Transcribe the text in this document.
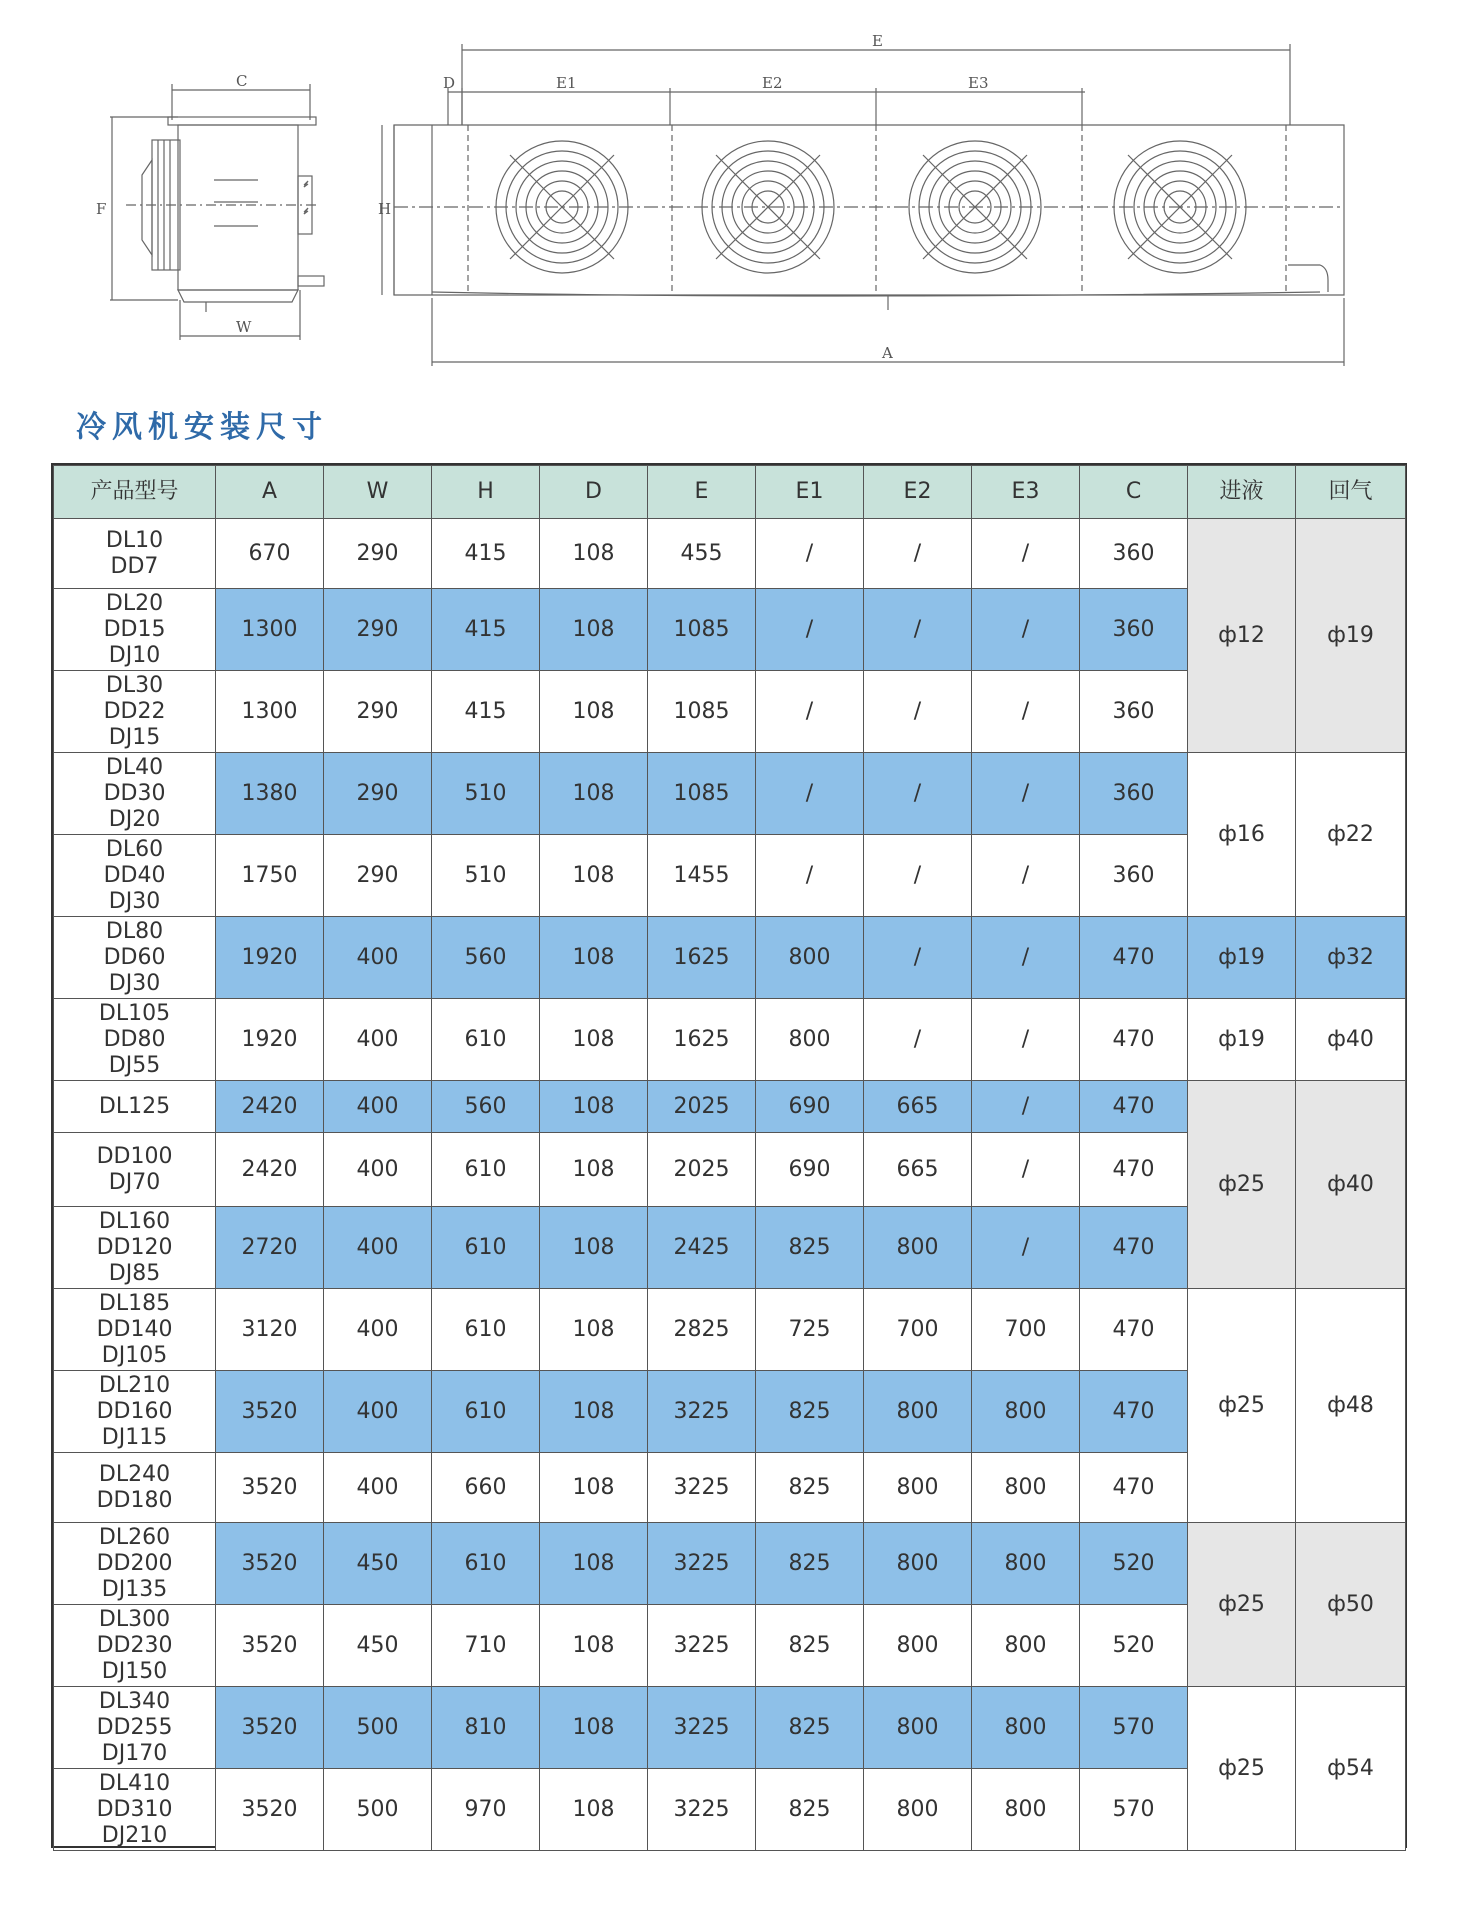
C
F
W
E
D	E1	E2	E3
H
A
冷风机安装尺寸
产品型号	A	W	H	D	E	E1	E2	E3	C	进液	回气

DL10
DD7	670	290	415	108	455	/	/	/	360	ф12	ф19

DL20
DD15
DJ10	1300	290	415	108	1085	/	/	/	360		

DL30
DD22
DJ15	1300	290	415	108	1085	/	/	/	360		

DL40
DD30
DJ20	1380	290	510	108	1085	/	/	/	360	ф16	ф22

DL60
DD40
DJ30	1750	290	510	108	1455	/	/	/	360		

DL80
DD60
DJ30	1920	400	560	108	1625	800	/	/	470	ф19	ф32

DL105
DD80
DJ55	1920	400	610	108	1625	800	/	/	470	ф19	ф40

DL125	2420	400	560	108	2025	690	665	/	470	ф25	ф40

DD100
DJ70	2420	400	610	108	2025	690	665	/	470		

DL160
DD120
DJ85	2720	400	610	108	2425	825	800	/	470		

DL185
DD140
DJ105	3120	400	610	108	2825	725	700	700	470	ф25	ф48

DL210
DD160
DJ115	3520	400	610	108	3225	825	800	800	470		

DL240
DD180	3520	400	660	108	3225	825	800	800	470		

DL260
DD200
DJ135	3520	450	610	108	3225	825	800	800	520	ф25	ф50

DL300
DD230
DJ150	3520	450	710	108	3225	825	800	800	520		

DL340
DD255
DJ170	3520	500	810	108	3225	825	800	800	570	ф25	ф54

DL410
DD310
DJ210	3520	500	970	108	3225	825	800	800	570		
